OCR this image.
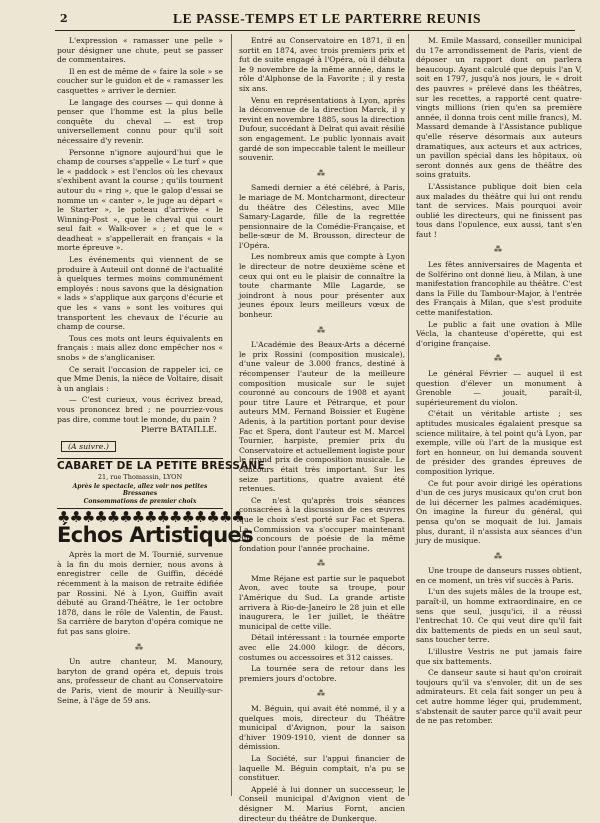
2	LE PASSE-TEMPS ET LE PARTERRE REUNIS

L'expression « ramasser une pelle » pour désigner une chute, peut se passer de commentaires.

Il en est de même de « faire la sole » se coucher sur le guidon et de « ramasser les casquettes » arriver le dernier.

Le langage des courses — qui donne à penser que l'homme est la plus belle conquête du cheval — est trop universellement connu pour qu'il soit nécessaire d'y revenir.

Personne n'ignore aujourd'hui que le champ de courses s'appelle « Le turf » que le « paddock » est l'enclos où les chevaux s'exhibent avant la course ; qu'ils tournent autour du « ring », que le galop d'essai se nomme un « canter », le juge au départ « le Starter », le poteau d'arrivée « le Winning-Post », que le cheval qui court seul fait « Walk-over » ; et que le « deadheat » s'appellerait en français « la morte épreuve ».

Les événements qui viennent de se produire à Auteuil ont donné de l'actualité à quelques termes moins communément employés : nous savons que la désignation « lads » s'applique aux garçons d'écurie et que les « vans » sont les voitures qui transportent les chevaux de l'écurie au champ de course.

Tous ces mots ont leurs équivalents en français : mais allez donc empêcher nos « snobs » de s'anglicaniser.

Ce serait l'occasion de rappeler ici, ce que Mme Denis, la nièce de Voltaire, disait à un anglais :

— C'est curieux, vous écrivez bread, vous prononcez bred ; ne pourriez-vous pas dire, comme tout le monde, du pain ?

Pierre BATAILLE.
(A suivre.)
CABARET DE LA PETITE BRESSANE
21, rue Thomassin, LYON
Après le spectacle, allez voir nos petites Bressanes
Consommations de premier choix
♣♣♣♣♣♣♣♣♣♣♣♣♣♣♣
Échos Artistiques

Après la mort de M. Tournié, survenue à la fin du mois dernier, nous avons à enregistrer celle de Guiffin, décédé récemment à la maison de retraite édifiée par Rossini. Né à Lyon, Guiffin avait débuté au Grand-Théâtre, le 1er octobre 1878, dans le rôle de Valentin, de Faust. Sa carrière de baryton d'opéra comique ne fut pas sans gloire.

⁂

Un autre chanteur, M. Manoury, baryton de grand opéra et, depuis trois ans, professeur de chant au Conservatoire de Paris, vient de mourir à Neuilly-sur-Seine, à l'âge de 59 ans.

Entré au Conservatoire en 1871, il en sortit en 1874, avec trois premiers prix et fut de suite engagé à l'Opéra, où il débuta le 9 novembre de la même année, dans le rôle d'Alphonse de la Favorite ; il y resta six ans.

Venu en représentations à Lyon, après la déconvenue de la direction Marck, il y revint en novembre 1885, sous la direction Dufour, succédant à Delrat qui avait résilié son engagement. Le public lyonnais avait gardé de son impeccable talent le meilleur souvenir.

⁂

Samedi dernier a été célébré, à Paris, le mariage de M. Montcharmont, directeur du théâtre des Célestins, avec Mlle Samary-Lagarde, fille de la regrettée pensionnaire de la Comédie-Française, et belle-sœur de M. Brousson, directeur de l'Opéra.

Les nombreux amis que compte à Lyon le directeur de notre deuxième scène et ceux qui ont eu le plaisir de connaître la toute charmante Mlle Lagarde, se joindront à nous pour présenter aux jeunes époux leurs meilleurs vœux de bonheur.

⁂

L'Académie des Beaux-Arts a décerné le prix Rossini (composition musicale), d'une valeur de 3.000 francs, destiné à récompenser l'auteur de la meilleure composition musicale sur le sujet couronné au concours de 1908 et ayant pour titre Laure et Pétrarque, et pour auteurs MM. Fernand Boissier et Eugène Adenis, à la partition portant pour devise Fac et Spera, dont l'auteur est M. Marcel Tournier, harpiste, premier prix du Conservatoire et actuellement logiste pour le grand prix de composition musicale. Le concours était très important. Sur les seize partitions, quatre avaient été retenues.

Ce n'est qu'après trois séances consacrées à la discussion de ces œuvres que le choix s'est porté sur Fac et Spera. La Commission va s'occuper maintenant du concours de poésie de la même fondation pour l'année prochaine.

⁂

Mme Réjane est partie sur le paquebot Avon, avec toute sa troupe, pour l'Amérique du Sud. La grande artiste arrivera à Rio-de-Janeiro le 28 juin et elle inaugurera, le 1er juillet, le théâtre municipal de cette ville.

Détail intéressant : la tournée emporte avec elle 24.000 kilogr. de décors, costumes ou accessoires et 312 caisses.

La tournée sera de retour dans les premiers jours d'octobre.

⁂

M. Béguin, qui avait été nommé, il y a quelques mois, directeur du Théâtre municipal d'Avignon, pour la saison d'hiver 1909-1910, vient de donner sa démission.

La Société, sur l'appui financier de laquelle M. Béguin comptait, n'a pu se constituer.

Appelé à lui donner un successeur, le Conseil municipal d'Avignon vient de désigner M. Marius Fornt, ancien directeur du théâtre de Dunkerque.

M. Emile Massard, conseiller municipal du 17e arrondissement de Paris, vient de déposer un rapport dont on parlera beaucoup. Ayant calculé que depuis l'an V, soit en 1797, jusqu'à nos jours, le « droit des pauvres » prélevé dans les théâtres, sur les recettes, a rapporté cent quatre-vingts millions (rien qu'en sa première année, il donna trois cent mille francs), M. Massard demande à l'Assistance publique qu'elle réserve désormais aux auteurs dramatiques, aux acteurs et aux actrices, un pavillon spécial dans les hôpitaux, où seront donnés aux gens de théâtre des soins gratuits.

L'Assistance publique doit bien cela aux malades du théâtre qui lui ont rendu tant de services. Mais pourquoi avoir oublié les directeurs, qui ne finissent pas tous dans l'opulence, eux aussi, tant s'en faut !

⁂

Les fêtes anniversaires de Magenta et de Solférino ont donné lieu, à Milan, à une manifestation francophile au théâtre. C'est dans la Fille du Tambour-Major, à l'entrée des Français à Milan, que s'est produite cette manifestation.

Le public a fait une ovation à Mlle Vécla, la chanteuse d'opérette, qui est d'origine française.

⁂

Le général Février — auquel il est question d'élever un monument à Grenoble — jouait, paraît-il, supérieurement du violon.

C'était un véritable artiste ; ses aptitudes musicales égalaient presque sa science militaire, à tel point qu'à Lyon, par exemple, ville où l'art de la musique est fort en honneur, on lui demanda souvent de présider des grandes épreuves de composition lyrique.

Ce fut pour avoir dirigé les opérations d'un de ces jurys musicaux qu'on crut bon de lui décerner les palmes académiques. On imagine la fureur du général, qui pensa qu'on se moquait de lui. Jamais plus, durant, il n'assista aux séances d'un jury de musique.

⁂

Une troupe de danseurs russes obtient, en ce moment, un très vif succès à Paris.

L'un des sujets mâles de la troupe est, paraît-il, un homme extraordinaire, en ce sens que seul, jusqu'ici, il a réussi l'entrechat 10. Ce qui veut dire qu'il fait dix battements de pieds en un seul saut, sans toucher terre.

L'illustre Vestris ne put jamais faire que six battements.

Ce danseur saute si haut qu'on croirait toujours qu'il va s'envoler, dit un de ses admirateurs. Et cela fait songer un peu à cet autre homme léger qui, prudemment, s'abstenait de sauter parce qu'il avait peur de ne pas retomber.
